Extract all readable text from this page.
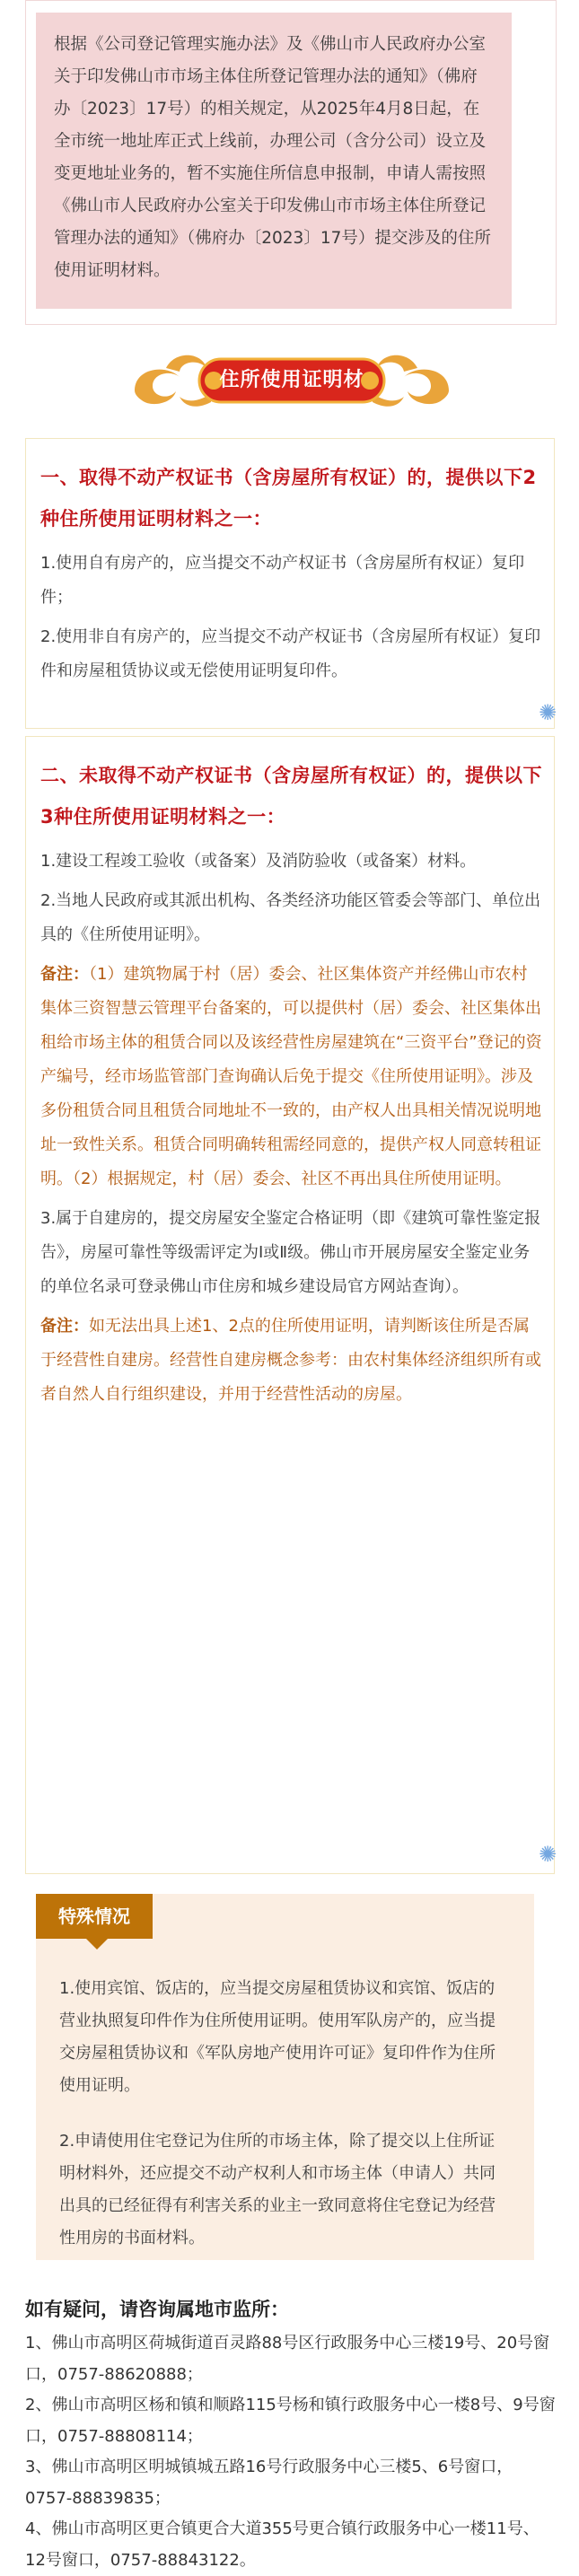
根据《公司登记管理实施办法》及《佛山市人民政府办公室关于印发佛山市市场主体住所登记管理办法的通知》（佛府办〔2023〕17号）的相关规定，从2025年4月8日起，在全市统一地址库正式上线前，办理公司（含分公司）设立及变更地址业务的，暂不实施住所信息申报制，申请人需按照《佛山市人民政府办公室关于印发佛山市市场主体住所登记管理办法的通知》（佛府办〔2023〕17号）提交涉及的住所使用证明材料。
住所使用证明材料：
一、取得不动产权证书（含房屋所有权证）的，提供以下2种住所使用证明材料之一：

1.使用自有房产的，应当提交不动产权证书（含房屋所有权证）复印件；

2.使用非自有房产的，应当提交不动产权证书（含房屋所有权证）复印件和房屋租赁协议或无偿使用证明复印件。

✺
二、未取得不动产权证书（含房屋所有权证）的，提供以下3种住所使用证明材料之一：

1.建设工程竣工验收（或备案）及消防验收（或备案）材料。

2.当地人民政府或其派出机构、各类经济功能区管委会等部门、单位出具的《住所使用证明》。

备注：（1）建筑物属于村（居）委会、社区集体资产并经佛山市农村集体三资智慧云管理平台备案的，可以提供村（居）委会、社区集体出租给市场主体的租赁合同以及该经营性房屋建筑在“三资平台”登记的资产编号，经市场监管部门查询确认后免于提交《住所使用证明》。涉及多份租赁合同且租赁合同地址不一致的，由产权人出具相关情况说明地址一致性关系。租赁合同明确转租需经同意的，提供产权人同意转租证明。（2）根据规定，村（居）委会、社区不再出具住所使用证明。

3.属于自建房的，提交房屋安全鉴定合格证明（即《建筑可靠性鉴定报告》，房屋可靠性等级需评定为Ⅰ或Ⅱ级。佛山市开展房屋安全鉴定业务的单位名录可登录佛山市住房和城乡建设局官方网站查询）。

备注：如无法出具上述1、2点的住所使用证明，请判断该住所是否属于经营性自建房。经营性自建房概念参考：由农村集体经济组织所有或者自然人自行组织建设，并用于经营性活动的房屋。

✺

1.使用宾馆、饭店的，应当提交房屋租赁协议和宾馆、饭店的营业执照复印件作为住所使用证明。使用军队房产的，应当提交房屋租赁协议和《军队房地产使用许可证》复印件作为住所使用证明。

2.申请使用住宅登记为住所的市场主体，除了提交以上住所证明材料外，还应提交不动产权利人和市场主体（申请人）共同出具的已经征得有利害关系的业主一致同意将住宅登记为经营性用房的书面材料。

特殊情况
如有疑问，请咨询属地市监所：

1、佛山市高明区荷城街道百灵路88号区行政服务中心三楼19号、20号窗口，0757-88620888；

2、佛山市高明区杨和镇和顺路115号杨和镇行政服务中心一楼8号、9号窗口，0757-88808114；

3、佛山市高明区明城镇城五路16号行政服务中心三楼5、6号窗口，0757-88839835；

4、佛山市高明区更合镇更合大道355号更合镇行政服务中心一楼11号、12号窗口，0757-88843122。
